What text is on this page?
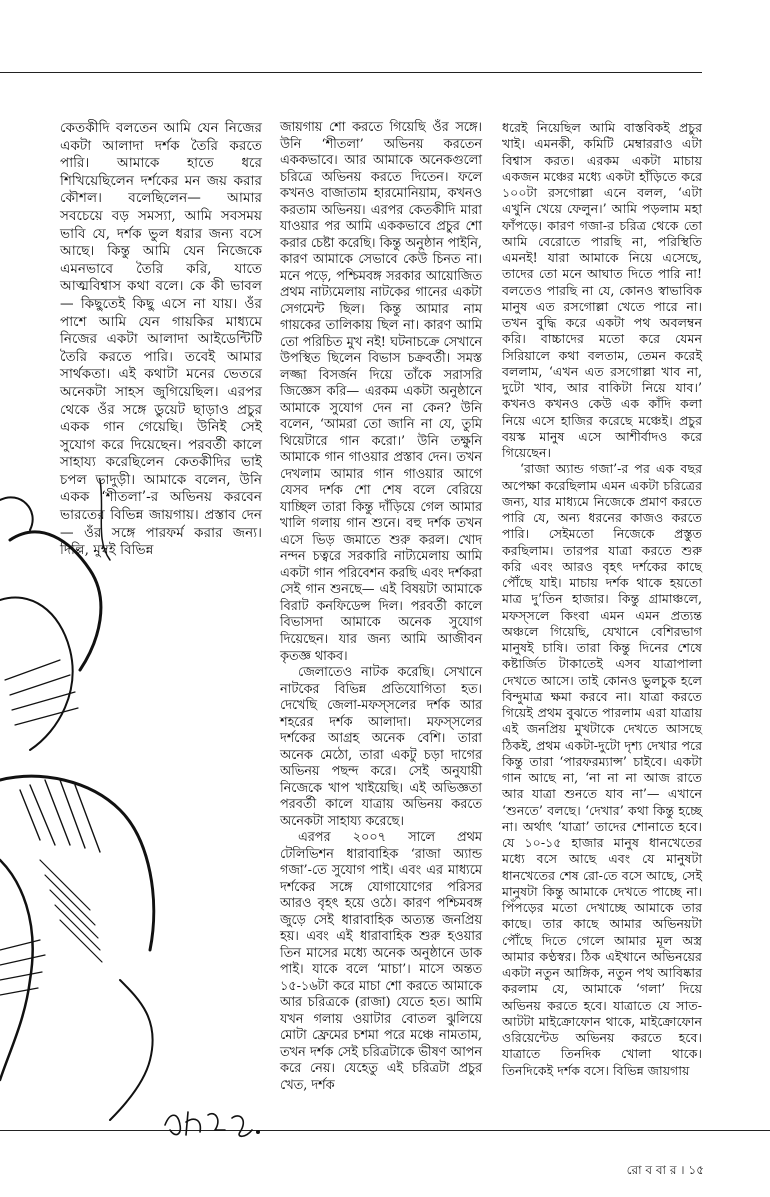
কেতকীদি বলতেন আমি যেন নিজের একটা আলাদা দর্শক তৈরি করতে পারি। আমাকে হাতে ধরে শিখিয়েছিলেন দর্শকের মন জয় করার কৌশল। বলেছিলেন— আমার সবচেয়ে বড় সমস্যা, আমি সবসময় ভাবি যে, দর্শক ভুল ধরার জন্য বসে আছে। কিন্তু আমি যেন নিজেকে এমনভাবে তৈরি করি, যাতে আত্মবিশ্বাস কথা বলে। কে কী ভাবল— কিছুতেই কিছু এসে না যায়। ওঁর পাশে আমি যেন গায়কির মাধ্যমে নিজের একটা আলাদা আইডেন্টিটি তৈরি করতে পারি। তবেই আমার সার্থকতা। এই কথাটা মনের ভেতরে অনেকটা সাহস জুগিয়েছিল। এরপর থেকে ওঁর সঙ্গে ডুয়েট ছাড়াও প্রচুর একক গান গেয়েছি। উনিই সেই সুযোগ করে দিয়েছেন। পরবর্তী কালে সাহায্য করেছিলেন কেতকীদির ভাই চপল ভাদুড়ী। আমাকে বলেন, উনি একক ‘শীতলা’-র অভিনয় করবেন ভারতের বিভিন্ন জায়গায়। প্রস্তাব দেন— ওঁর সঙ্গে পারফর্ম করার জন্য। দিল্লি, মুম্বই বিভিন্ন

জায়গায় শো করতে গিয়েছি ওঁর সঙ্গে। উনি ‘শীতলা’ অভিনয় করতেন এককভাবে। আর আমাকে অনেকগুলো চরিত্রে অভিনয় করতে দিতেন। ফলে কখনও বাজাতাম হারমোনিয়াম, কখনও করতাম অভিনয়। এরপর কেতকীদি মারা যাওয়ার পর আমি এককভাবে প্রচুর শো করার চেষ্টা করেছি। কিন্তু অনুষ্ঠান পাইনি, কারণ আমাকে সেভাবে কেউ চিনত না। মনে পড়ে, পশ্চিমবঙ্গ সরকার আয়োজিত প্রথম নাট্যমেলায় নাটকের গানের একটা সেগমেন্ট ছিল। কিন্তু আমার নাম গায়কের তালিকায় ছিল না। কারণ আমি তো পরিচিত মুখ নই! ঘটনাচক্রে সেখানে উপস্থিত ছিলেন বিভাস চক্রবর্তী। সমস্ত লজ্জা বিসর্জন দিয়ে তাঁকে সরাসরি জিজ্ঞেস করি— এরকম একটা অনুষ্ঠানে আমাকে সুযোগ দেন না কেন? উনি বলেন, ‘আমরা তো জানি না যে, তুমি থিয়েটারে গান করো।’ উনি তক্ষুনি আমাকে গান গাওয়ার প্রস্তাব দেন। তখন দেখলাম আমার গান গাওয়ার আগে যেসব দর্শক শো শেষ বলে বেরিয়ে যাচ্ছিল তারা কিন্তু দাঁড়িয়ে গেল আমার খালি গলায় গান শুনে। বহু দর্শক তখন এসে ভিড় জমাতে শুরু করল। খোদ নন্দন চত্বরে সরকারি নাট্যমেলায় আমি একটা গান পরিবেশন করছি এবং দর্শকরা সেই গান শুনছে— এই বিষয়টা আমাকে বিরাট কনফিডেন্স দিল। পরবর্তী কালে বিভাসদা আমাকে অনেক সুযোগ দিয়েছেন। যার জন্য আমি আজীবন কৃতজ্ঞ থাকব।

জেলাতেও নাটক করেছি। সেখানে নাটকের বিভিন্ন প্রতিযোগিতা হত। দেখেছি জেলা-মফস্সলের দর্শক আর শহরের দর্শক আলাদা। মফস্সলের দর্শকের আগ্রহ অনেক বেশি। তারা অনেক মেঠো, তারা একটু চড়া দাগের অভিনয় পছন্দ করে। সেই অনুযায়ী নিজেকে খাপ খাইয়েছি। এই অভিজ্ঞতা পরবর্তী কালে যাত্রায় অভিনয় করতে অনেকটা সাহায্য করেছে।

এরপর ২০০৭ সালে প্রথম টেলিভিশন ধারাবাহিক ‘রাজা অ্যান্ড গজা’-তে সুযোগ পাই। এবং এর মাধ্যমে দর্শকের সঙ্গে যোগাযোগের পরিসর আরও বৃহৎ হয়ে ওঠে। কারণ পশ্চিমবঙ্গ জুড়ে সেই ধারাবাহিক অত্যন্ত জনপ্রিয় হয়। এবং এই ধারাবাহিক শুরু হওয়ার তিন মাসের মধ্যে অনেক অনুষ্ঠানে ডাক পাই। যাকে বলে ‘মাচা’। মাসে অন্তত ১৫-১৬টা করে মাচা শো করতে আমাকে আর চরিত্রকে (রাজা) যেতে হত। আমি যখন গলায় ওয়াটার বোতল ঝুলিয়ে মোটা ফ্রেমের চশমা পরে মঞ্চে নামতাম, তখন দর্শক সেই চরিত্রটাকে ভীষণ আপন করে নেয়। যেহেতু এই চরিত্রটা প্রচুর খেত, দর্শক

ধরেই নিয়েছিল আমি বাস্তবিকই প্রচুর খাই। এমনকী, কমিটি মেম্বাররাও এটা বিশ্বাস করত। এরকম একটা মাচায় একজন মঞ্চের মধ্যে একটা হাঁড়িতে করে ১০০টা রসগোল্লা এনে বলল, ‘এটা এখুনি খেয়ে ফেলুন।’ আমি পড়লাম মহা ফাঁপড়ে। কারণ গজা-র চরিত্র থেকে তো আমি বেরোতে পারছি না, পরিস্থিতি এমনই! যারা আমাকে নিয়ে এসেছে, তাদের তো মনে আঘাত দিতে পারি না! বলতেও পারছি না যে, কোনও স্বাভাবিক মানুষ এত রসগোল্লা খেতে পারে না। তখন বুদ্ধি করে একটা পথ অবলম্বন করি। বাচ্চাদের মতো করে যেমন সিরিয়ালে কথা বলতাম, তেমন করেই বললাম, ‘এখন এত রসগোল্লা খাব না, দুটো খাব, আর বাকিটা নিয়ে যাব।’ কখনও কখনও কেউ এক কাঁদি কলা নিয়ে এসে হাজির করেছে মঞ্চেই। প্রচুর বয়স্ক মানুষ এসে আশীর্বাদও করে গিয়েছেন।

‘রাজা অ্যান্ড গজা’-র পর এক বছর অপেক্ষা করেছিলাম এমন একটা চরিত্রের জন্য, যার মাধ্যমে নিজেকে প্রমাণ করতে পারি যে, অন্য ধরনের কাজও করতে পারি। সেইমতো নিজেকে প্রস্তুত করছিলাম। তারপর যাত্রা করতে শুরু করি এবং আরও বৃহৎ দর্শকের কাছে পৌঁছে যাই। মাচায় দর্শক থাকে হয়তো মাত্র দু’তিন হাজার। কিন্তু গ্রামাঞ্চলে, মফস্সলে কিংবা এমন এমন প্রত্যন্ত অঞ্চলে গিয়েছি, যেখানে বেশিরভাগ মানুষই চাষি। তারা কিন্তু দিনের শেষে কষ্টার্জিত টাকাতেই এসব যাত্রাপালা দেখতে আসে। তাই কোনও ভুলচুক হলে বিন্দুমাত্র ক্ষমা করবে না। যাত্রা করতে গিয়েই প্রথম বুঝতে পারলাম এরা যাত্রায় এই জনপ্রিয় মুখটাকে দেখতে আসছে ঠিকই, প্রথম একটা-দুটো দৃশ্য দেখার পরে কিন্তু তারা ‘পারফরম্যান্স’ চাইবে। একটা গান আছে না, ‘না না না আজ রাতে আর যাত্রা শুনতে যাব না’— এখানে ‘শুনতে’ বলছে। ‘দেখার’ কথা কিন্তু হচ্ছে না। অর্থাৎ ‘যাত্রা’ তাদের শোনাতে হবে। যে ১০-১৫ হাজার মানুষ ধানখেতের মধ্যে বসে আছে এবং যে মানুষটা ধানখেতের শেষ রো-তে বসে আছে, সেই মানুষটা কিন্তু আমাকে দেখতে পাচ্ছে না। পিঁপড়ের মতো দেখাচ্ছে আমাকে তার কাছে। তার কাছে আমার অভিনয়টা পৌঁছে দিতে গেলে আমার মূল অস্ত্র আমার কণ্ঠস্বর। ঠিক এইখানে অভিনয়ের একটা নতুন আঙ্গিক, নতুন পথ আবিষ্কার করলাম যে, আমাকে ‘গলা’ দিয়ে অভিনয় করতে হবে। যাত্রাতে যে সাত-আটটা মাইক্রোফোন থাকে, মাইক্রোফোন ওরিয়েন্টেড অভিনয় করতে হবে। যাত্রাতে তিনদিক খোলা থাকে। তিনদিকেই দর্শক বসে। বিভিন্ন জায়গায়

রো ব বা র । ১৫
